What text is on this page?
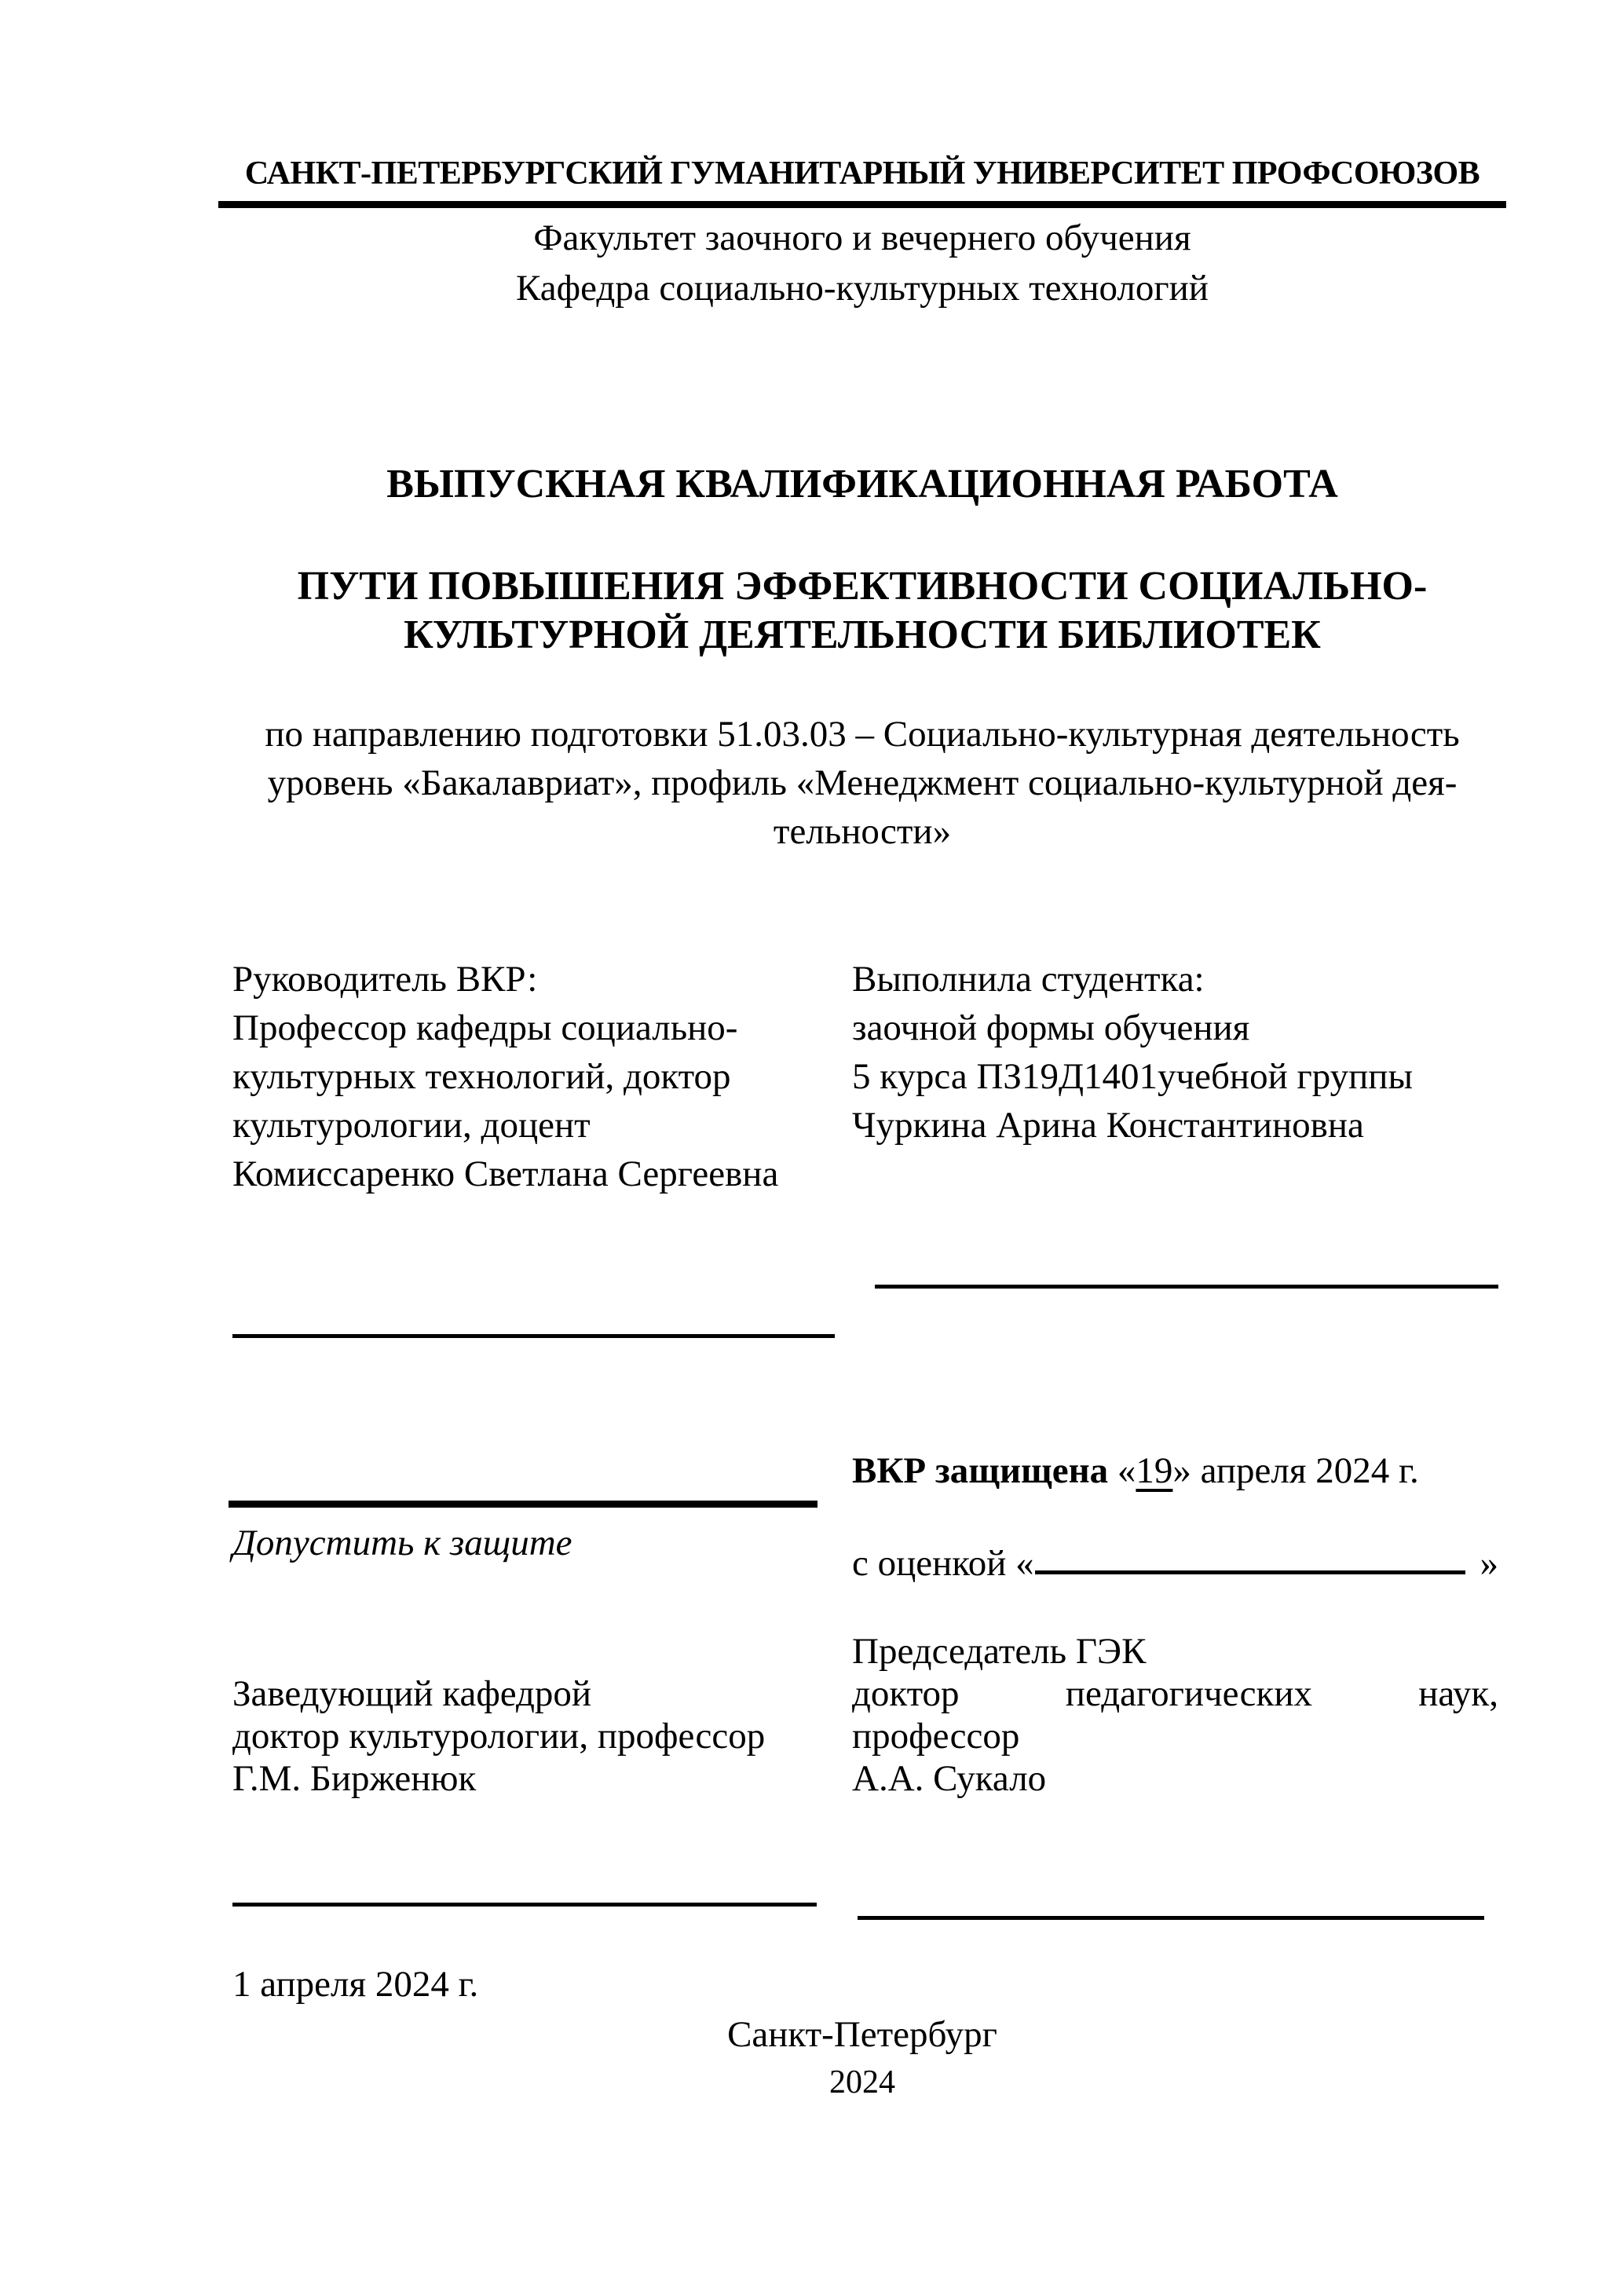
САНКТ-ПЕТЕРБУРГСКИЙ ГУМАНИТАРНЫЙ УНИВЕРСИТЕТ ПРОФСОЮЗОВ
Факультет заочного и вечернего обучения
Кафедра социально-культурных технологий
ВЫПУСКНАЯ КВАЛИФИКАЦИОННАЯ РАБОТА
ПУТИ ПОВЫШЕНИЯ ЭФФЕКТИВНОСТИ СОЦИАЛЬНО-
КУЛЬТУРНОЙ ДЕЯТЕЛЬНОСТИ БИБЛИОТЕК
по направлению подготовки 51.03.03 – Социально-культурная деятельность
уровень «Бакалавриат», профиль «Менеджмент социально-культурной дея-
тельности»
Руководитель ВКР:
Профессор кафедры социально-
культурных технологий, доктор
культурологии, доцент
Комиссаренко Светлана Сергеевна
Выполнила студентка:
заочной формы обучения
5 курса ПЗ19Д1401учебной группы
Чуркина Арина Константиновна
ВКР защищена «19» апреля 2024 г.
Допустить к защите	с оценкой «	»
Председатель ГЭК
Заведующий кафедрой	доктор педагогических наук,
доктор культурологии, профессор профессор
Г.М. Бирженюк	А.А. Сукало
1 апреля 2024 г.
Санкт-Петербург
2024
